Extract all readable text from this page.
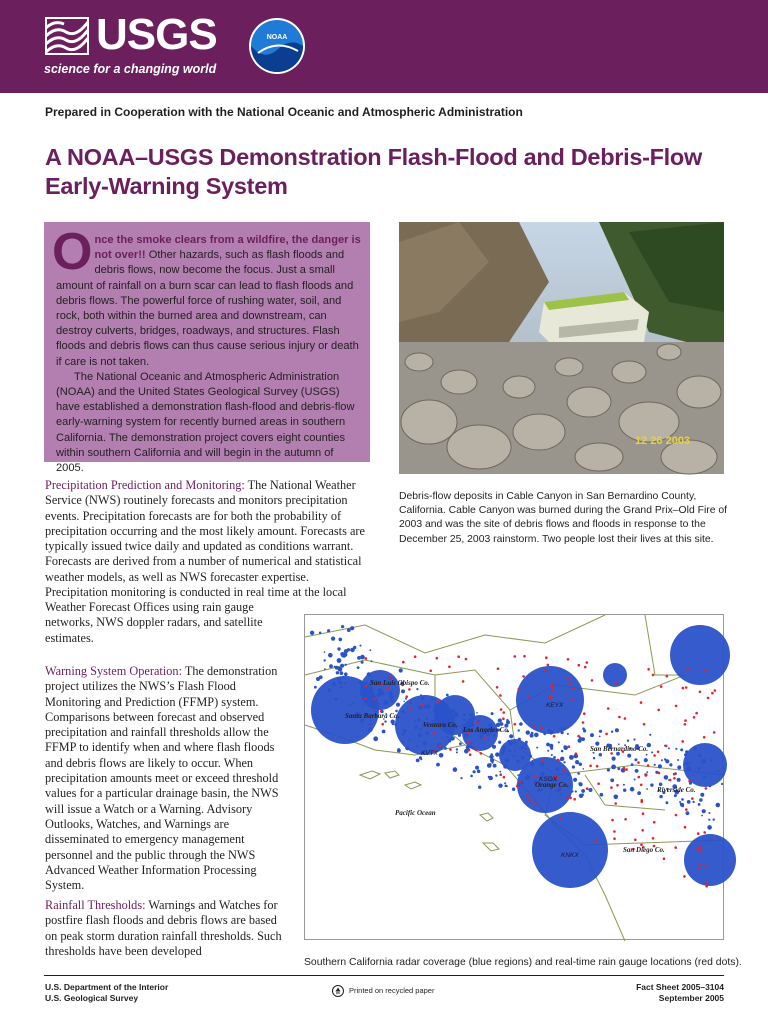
USGS
science for a changing world
NOAA
Prepared in Cooperation with the National Oceanic and Atmospheric Administration
A NOAA–USGS Demonstration Flash-Flood and Debris-Flow Early-Warning System

Once the smoke clears from a wildfire, the danger is not over!! Other hazards, such as flash floods and debris flows, now become the focus. Just a small amount of rainfall on a burn scar can lead to flash floods and debris flows. The powerful force of rushing water, soil, and rock, both within the burned area and downstream, can destroy culverts, bridges, roadways, and structures. Flash floods and debris flows can thus cause serious injury or death if care is not taken.

The National Oceanic and Atmospheric Administration (NOAA) and the United States Geological Survey (USGS) have established a demonstration flash-flood and debris-flow early-warning system for recently burned areas in southern California. The demonstration project covers eight counties within southern California and will begin in the autumn of 2005.

12 26 2003

Debris-flow deposits in Cable Canyon in San Bernardino County, California. Cable Canyon was burned during the Grand Prix–Old Fire of 2003 and was the site of debris flows and floods in response to the December 25, 2003 rainstorm. Two people lost their lives at this site.

Precipitation Prediction and Monitoring: The National Weather Service (NWS) routinely forecasts and monitors precipitation events. Precipitation forecasts are for both the probability of precipitation occurring and the most likely amount. Forecasts are typically issued twice daily and updated as conditions warrant. Forecasts are derived from a number of numerical and statistical weather models, as well as NWS forecaster expertise. Precipitation monitoring is conducted in real time at the local

Weather Forecast Offices using rain gauge networks, NWS doppler radars, and satellite estimates.

Warning System Operation: The demonstration project utilizes the NWS’s Flash Flood Monitoring and Prediction (FFMP) system. Comparisons between forecast and observed precipitation and rainfall thresholds allow the FFMP to identify when and where flash floods and debris flows are likely to occur. When precipitation amounts meet or exceed threshold values for a particular drainage basin, the NWS will issue a Watch or a Warning. Advisory Outlooks, Watches, and Warnings are disseminated to emergency management personnel and the public through the NWS Advanced Weather Information Processing System.

Rainfall Thresholds: Warnings and Watches for postfire flash floods and debris flows are based on peak storm duration rainfall thresholds. Such thresholds have been developed

San Luis Obispo Co.
Santa Barbara Co.
Ventura Co.
Los Angeles Co.
San Bernardino Co.
Orange Co.
Riverside Co.
San Diego Co.
Pacific Ocean
KEYX
KVTX
KSOX
KNKX

Southern California radar coverage (blue regions) and real-time rain gauge locations (red dots).

U.S. Department of the Interior
U.S. Geological Survey
Printed on recycled paper	Fact Sheet 2005–3104
September 2005
